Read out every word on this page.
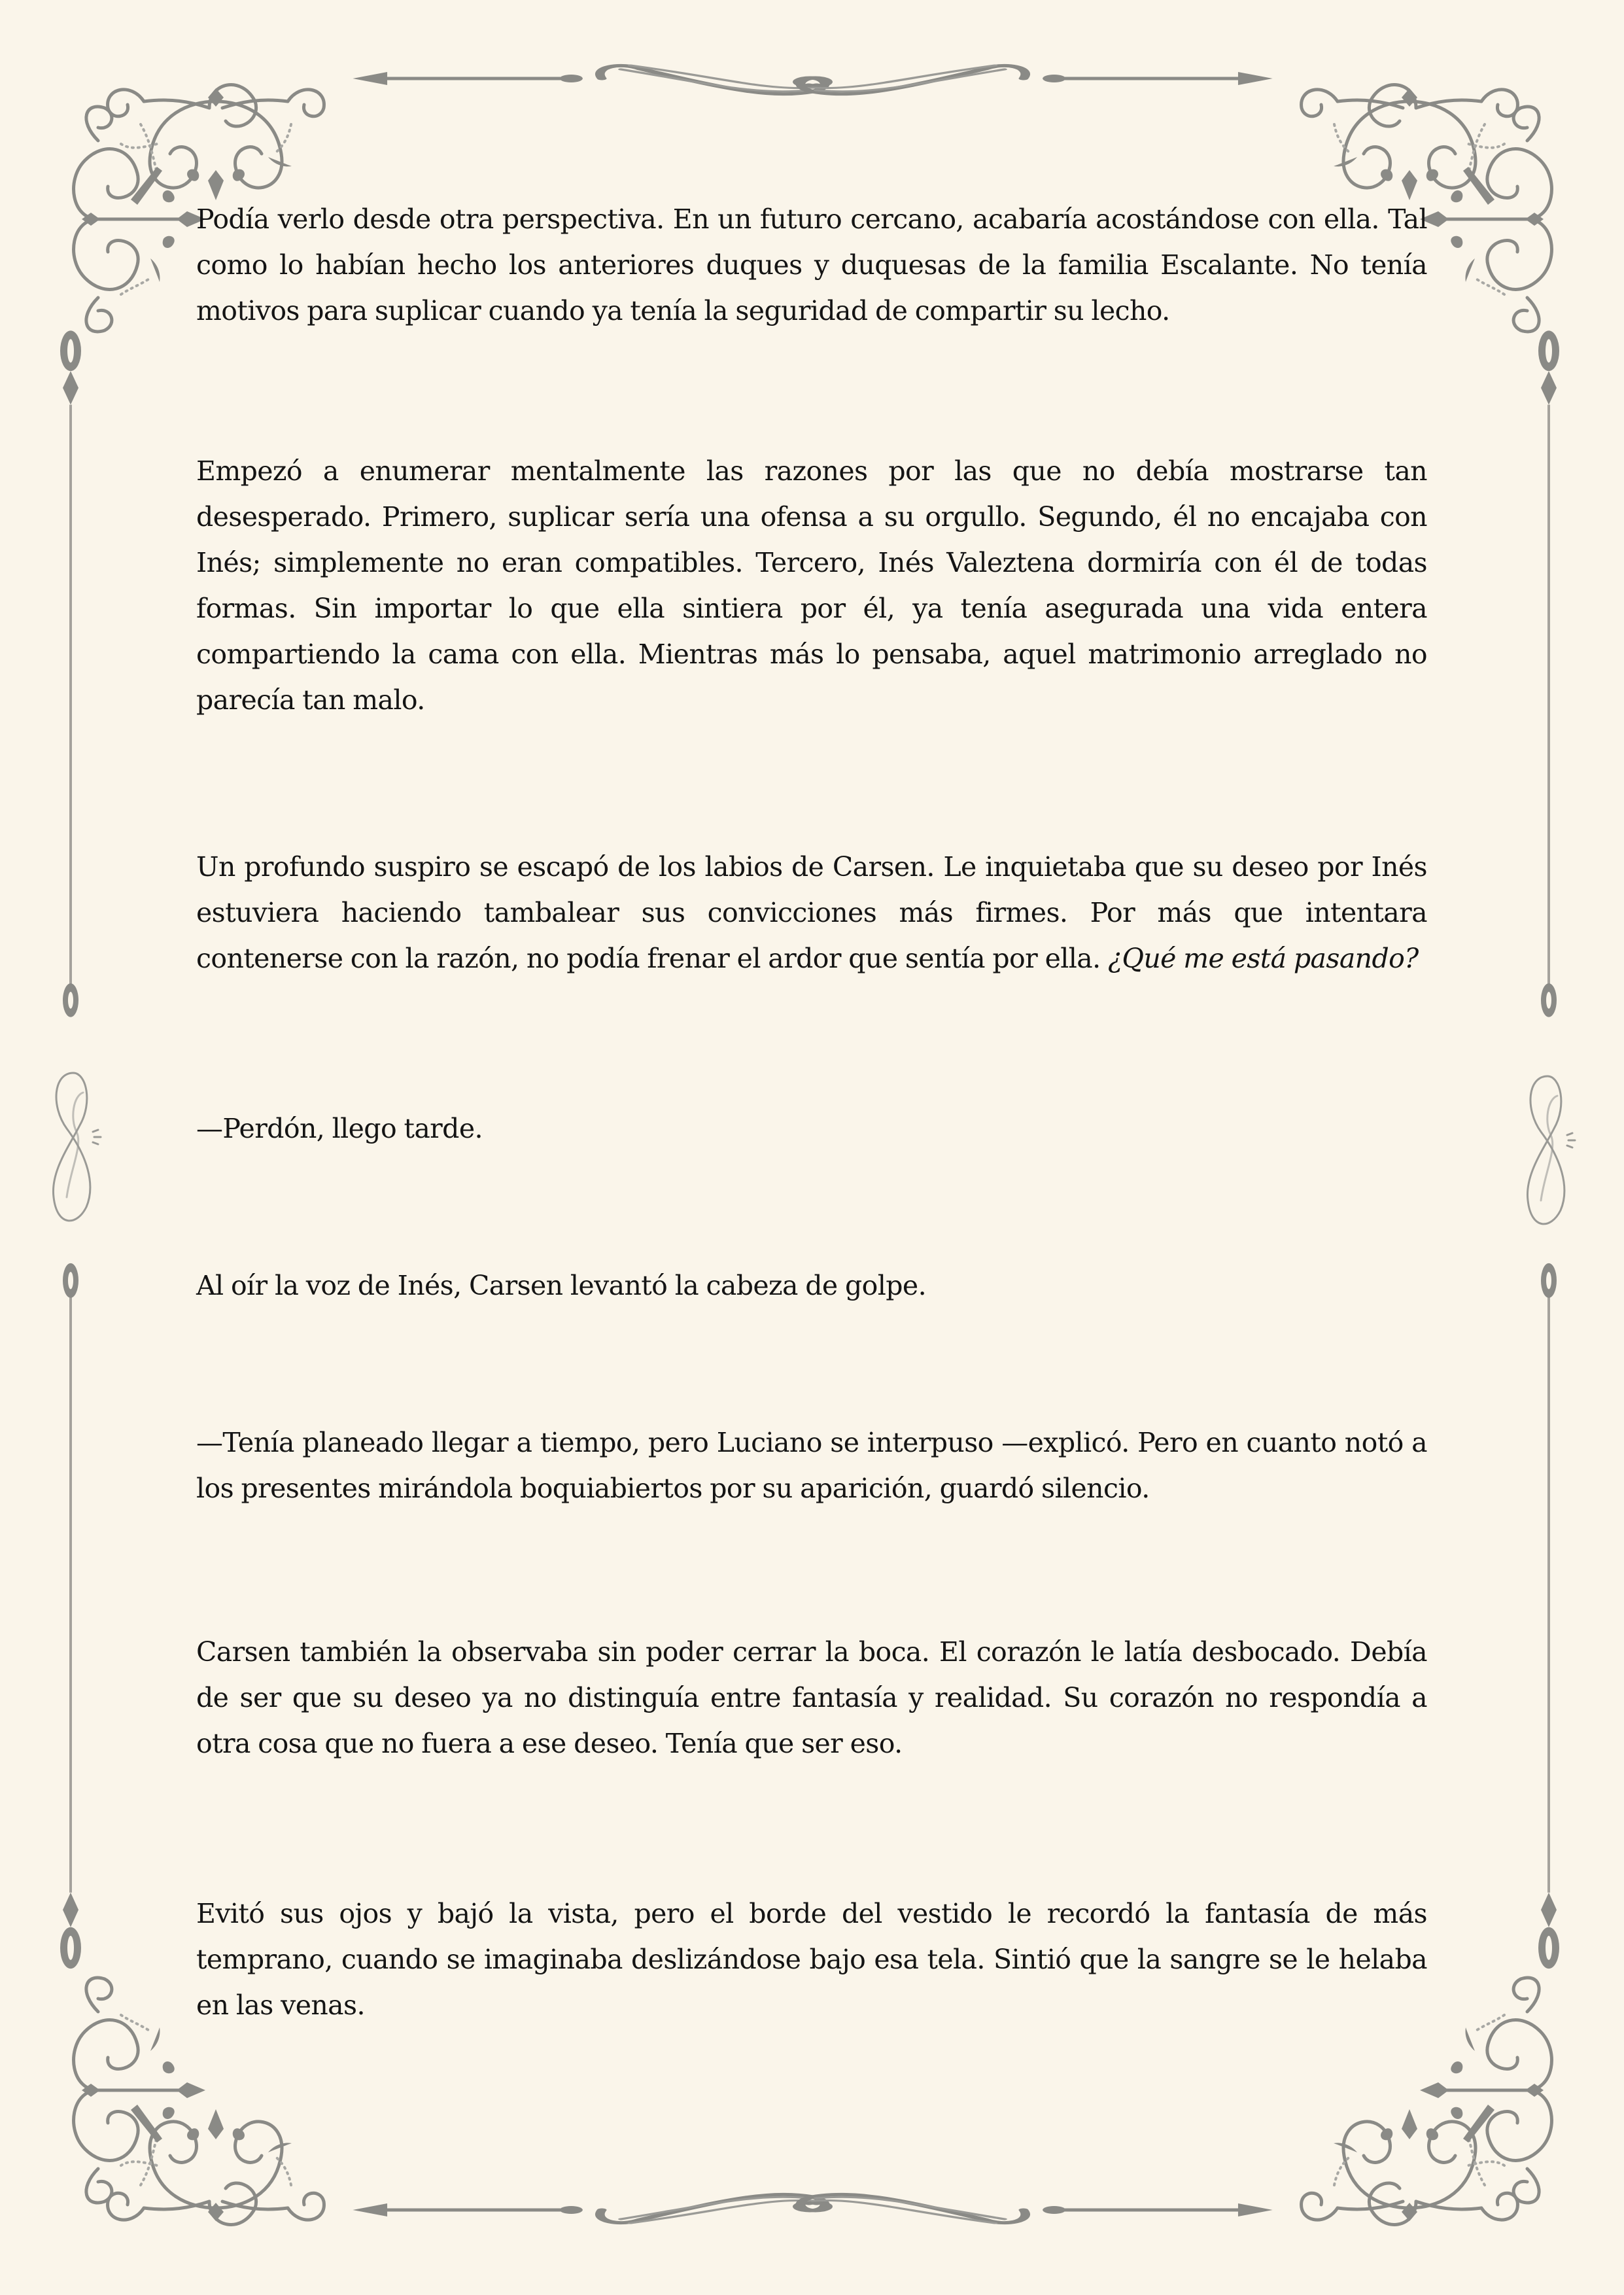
Podía verlo desde otra perspectiva. En un futuro cercano, acabaría acostándose con ella. Tal como lo habían hecho los anteriores duques y duquesas de la familia Escalante. No tenía motivos para suplicar cuando ya tenía la seguridad de compartir su lecho.

Empezó a enumerar mentalmente las razones por las que no debía mostrarse tan desesperado. Primero, suplicar sería una ofensa a su orgullo. Segundo, él no encajaba con Inés; simplemente no eran compatibles. Tercero, Inés Valeztena dormiría con él de todas formas. Sin importar lo que ella sintiera por él, ya tenía asegurada una vida entera compartiendo la cama con ella. Mientras más lo pensaba, aquel matrimonio arreglado no parecía tan malo.

Un profundo suspiro se escapó de los labios de Carsen. Le inquietaba que su deseo por Inés estuviera haciendo tambalear sus convicciones más firmes. Por más que intentara contenerse con la razón, no podía frenar el ardor que sentía por ella. ¿Qué me está pasando?

—Perdón, llego tarde.

Al oír la voz de Inés, Carsen levantó la cabeza de golpe.

—Tenía planeado llegar a tiempo, pero Luciano se interpuso —explicó. Pero en cuanto notó a los presentes mirándola boquiabiertos por su aparición, guardó silencio.

Carsen también la observaba sin poder cerrar la boca. El corazón le latía desbocado. Debía de ser que su deseo ya no distinguía entre fantasía y realidad. Su corazón no respondía a otra cosa que no fuera a ese deseo. Tenía que ser eso.

Evitó sus ojos y bajó la vista, pero el borde del vestido le recordó la fantasía de más temprano, cuando se imaginaba deslizándose bajo esa tela. Sintió que la sangre se le helaba en las venas.
